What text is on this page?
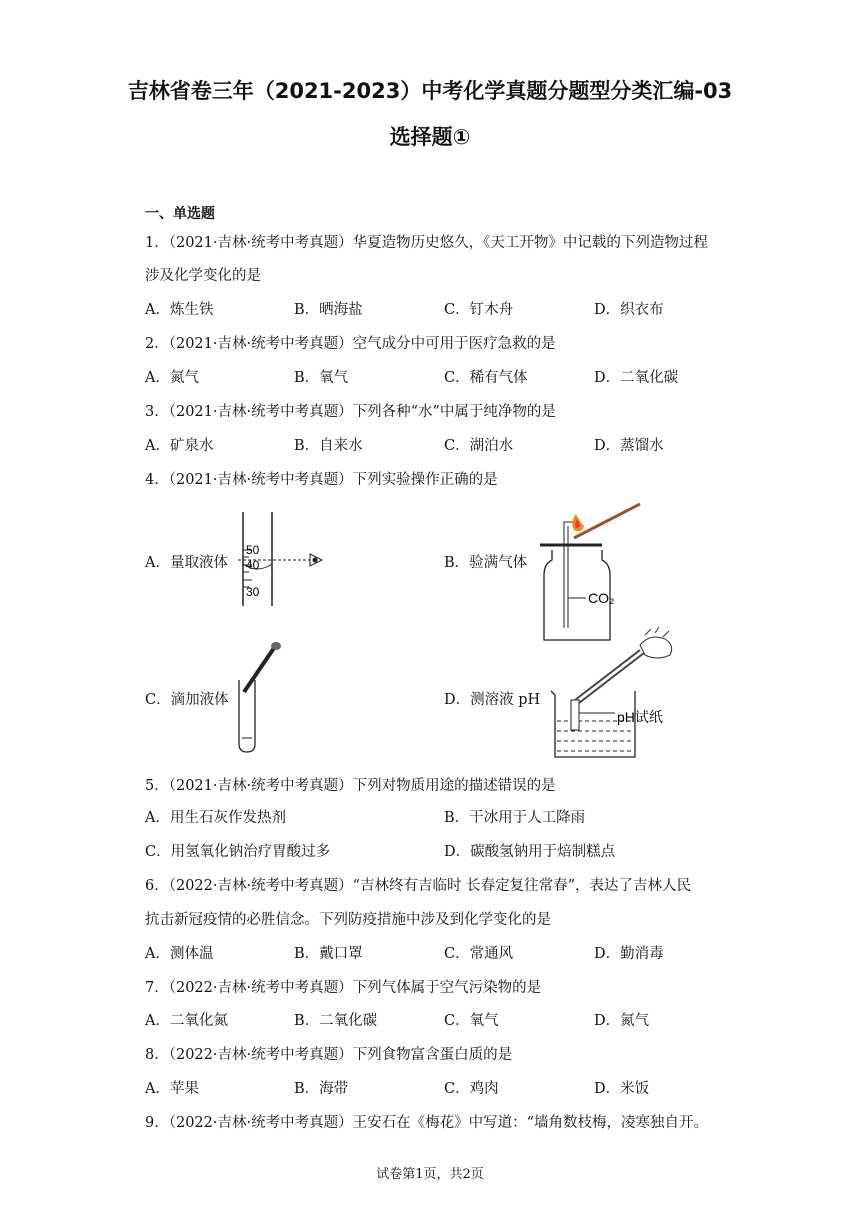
吉林省卷三年（2021-2023）中考化学真题分题型分类汇编-03
选择题①
一、单选题
1．（2021·吉林·统考中考真题）华夏造物历史悠久，《天工开物》中记载的下列造物过程
涉及化学变化的是
A．炼生铁	B．晒海盐	C．钉木舟	D．织衣布
2．（2021·吉林·统考中考真题）空气成分中可用于医疗急救的是
A．氮气	B．氧气	C．稀有气体	D．二氧化碳
3．（2021·吉林·统考中考真题）下列各种“水”中属于纯净物的是
A．矿泉水	B．自来水	C．湖泊水	D．蒸馏水
4．（2021·吉林·统考中考真题）下列实验操作正确的是
A．量取液体	B．验满气体
C．滴加液体	D．测溶液 pH
50
40
30	CO₂
pH试纸
5．（2021·吉林·统考中考真题）下列对物质用途的描述错误的是
A．用生石灰作发热剂	B．干冰用于人工降雨
C．用氢氧化钠治疗胃酸过多	D．碳酸氢钠用于焙制糕点
6．（2022·吉林·统考中考真题）“吉林终有吉临时 长春定复往常春”，表达了吉林人民
抗击新冠疫情的必胜信念。下列防疫措施中涉及到化学变化的是
A．测体温	B．戴口罩	C．常通风	D．勤消毒
7．（2022·吉林·统考中考真题）下列气体属于空气污染物的是
A．二氧化氮	B．二氧化碳	C．氧气	D．氮气
8．（2022·吉林·统考中考真题）下列食物富含蛋白质的是
A．苹果	B．海带	C．鸡肉	D．米饭
9．（2022·吉林·统考中考真题）王安石在《梅花》中写道：“墙角数枝梅，凌寒独自开。
试卷第1页，共2页
